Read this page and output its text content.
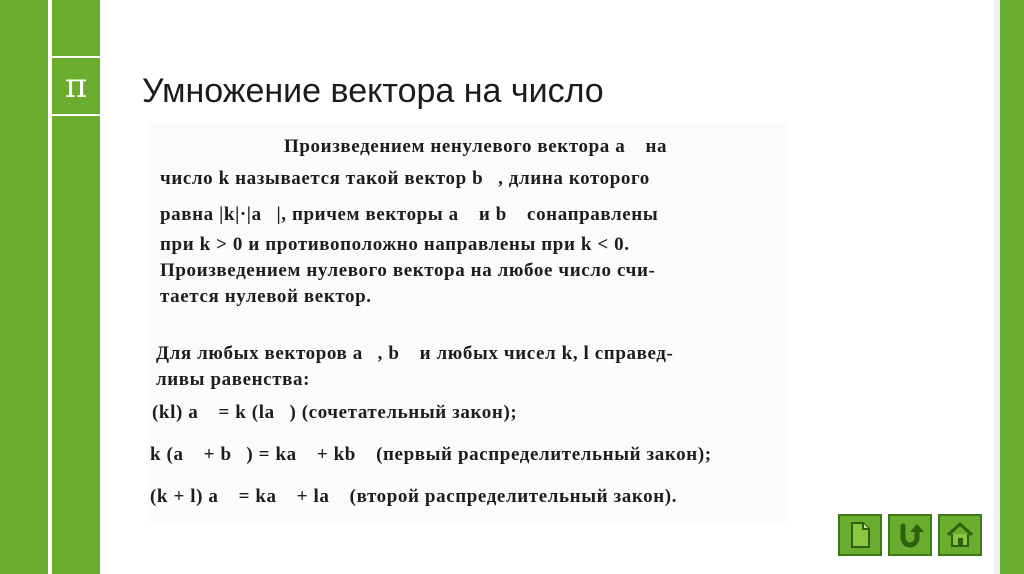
π Умножение вектора на число
Произведением ненулевого вектора a⃗ на
число k называется такой вектор b⃗, длина которого
равна |k|·|a⃗|, причем векторы a⃗ и b⃗ сонаправлены
при k > 0 и противоположно направлены при k < 0.
Произведением нулевого вектора на любое число счи-
тается нулевой вектор.
Для любых векторов a⃗, b⃗ и любых чисел k, l справед-
ливы равенства:
(kl) a⃗ = k (la⃗) (сочетательный закон);
k (a⃗ + b⃗) = ka⃗ + kb⃗ (первый распределительный закон);
(k + l) a⃗ = ka⃗ + la⃗ (второй распределительный закон).
